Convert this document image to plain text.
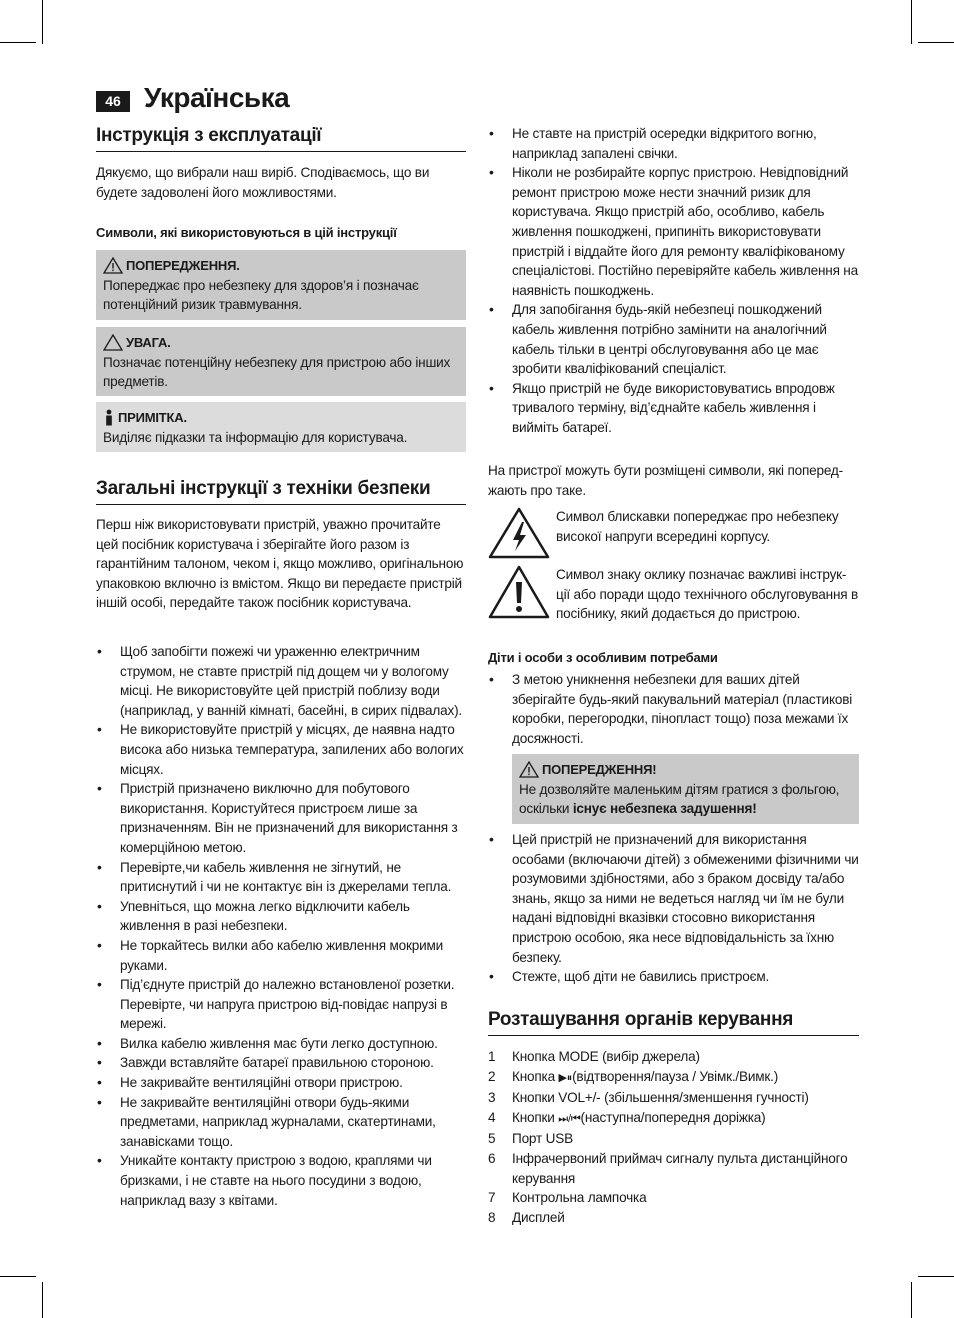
46 Українська
Інструкція з експлуатації

Дякуємо, що вибрали наш виріб. Сподіваємось, що ви будете задоволені його можливостями.

Символи, які використовуються в цій інструкції

ПОПЕРЕДЖЕННЯ.
Попереджає про небезпеку для здоров’я і позначає потенційний ризик травмування.
УВАГА.
Позначає потенційну небезпеку для пристрою або інших предметів.
ПРИМІТКА.
Виділяє підказки та інформацію для користувача.
Загальні інструкції з техніки безпеки

Перш ніж використовувати пристрій, уважно прочитайте цей посібник користувача і зберігайте його разом із гарантійним талоном, чеком і, якщо можливо, оригінальною упаковкою включно із вмістом. Якщо ви передаєте пристрій іншій особі, передайте також посібник користувача.

• Щоб запобігти пожежі чи ураженню електричним струмом, не ставте пристрій під дощем чи у вологому місці. Не використовуйте цей пристрій поблизу води (наприклад, у ванній кімнаті, басейні, в сирих підвалах).
• Не використовуйте пристрій у місцях, де наявна надто висока або низька температура, запилених або вологих місцях.
• Пристрій призначено виключно для побутового використання. Користуйтеся пристроєм лише за призначенням. Він не призначений для використання з комерційною метою.
• Перевірте,чи кабель живлення не зігнутий, не притиснутий і чи не контактує він із джерелами тепла.
• Упевніться, що можна легко відключити кабель живлення в разі небезпеки.
• Не торкайтесь вилки або кабелю живлення мокрими руками.
• Під’єднуте пристрій до належно встановленої розетки. Перевірте, чи напруга пристрою від-повідає напрузі в мережі.
• Вилка кабелю живлення має бути легко доступною.
• Завжди вставляйте батареї правильною стороною.
• Не закривайте вентиляційні отвори пристрою.
• Не закривайте вентиляційні отвори будь-якими предметами, наприклад журналами, скатертинами, занавісками тощо.
• Уникайте контакту пристрою з водою, краплями чи бризками, і не ставте на нього посудини з водою, наприклад вазу з квітами.
• Не ставте на пристрій осередки відкритого вогню, наприклад запалені свічки.
• Ніколи не розбирайте корпус пристрою. Невідповідний ремонт пристрою може нести значний ризик для користувача. Якщо пристрій або, особливо, кабель живлення пошкоджені, припиніть використовувати пристрій і віддайте його для ремонту кваліфікованому спеціалістові. Постійно перевіряйте кабель живлення на наявність пошкоджень.
• Для запобігання будь-якій небезпеці пошкоджений кабель живлення потрібно замінити на аналогічний кабель тільки в центрі обслуговування або це має зробити кваліфікований спеціаліст.
• Якщо пристрій не буде використовуватись впродовж тривалого терміну, від’єднайте кабель живлення і вийміть батареї.

На пристрої можуть бути розміщені символи, які поперед-жають про таке.

Символ блискавки попереджає про небезпеку високої напруги всередині корпусу.

Символ знаку оклику позначає важливі інструк-ції або поради щодо технічного обслуговування в посібнику, який додається до пристрою.

Діти і особи з особливим потребами

• З метою уникнення небезпеки для ваших дітей зберігайте будь-який пакувальний матеріал (пластикові коробки, перегородки, пінопласт тощо) поза межами їх досяжності.
ПОПЕРЕДЖЕННЯ!
Не дозволяйте маленьким дітям гратися з фольгою, оскільки існує небезпека задушення!
• Цей пристрій не призначений для використання особами (включаючи дітей) з обмеженими фізичними чи розумовими здібностями, або з браком досвіду та/або знань, якщо за ними не ведеться нагляд чи їм не були надані відповідні вказівки стосовно використання пристрою особою, яка несе відповідальність за їхню безпеку.
• Стежте, щоб діти не бавились пристроєм.
Розташування органів керування
1 Кнопка MODE (вибір джерела)
2 Кнопка ▶⏸(відтворення/пауза / Увімк./Вимк.)
3 Кнопки VOL+/- (збільшення/зменшення гучності)
4 Кнопки ⏭/⏮(наступна/попередня доріжка)
5 Порт USB
6 Інфрачервоний приймач сигналу пульта дистанційного керування
7 Контрольна лампочка
8 Дисплей
